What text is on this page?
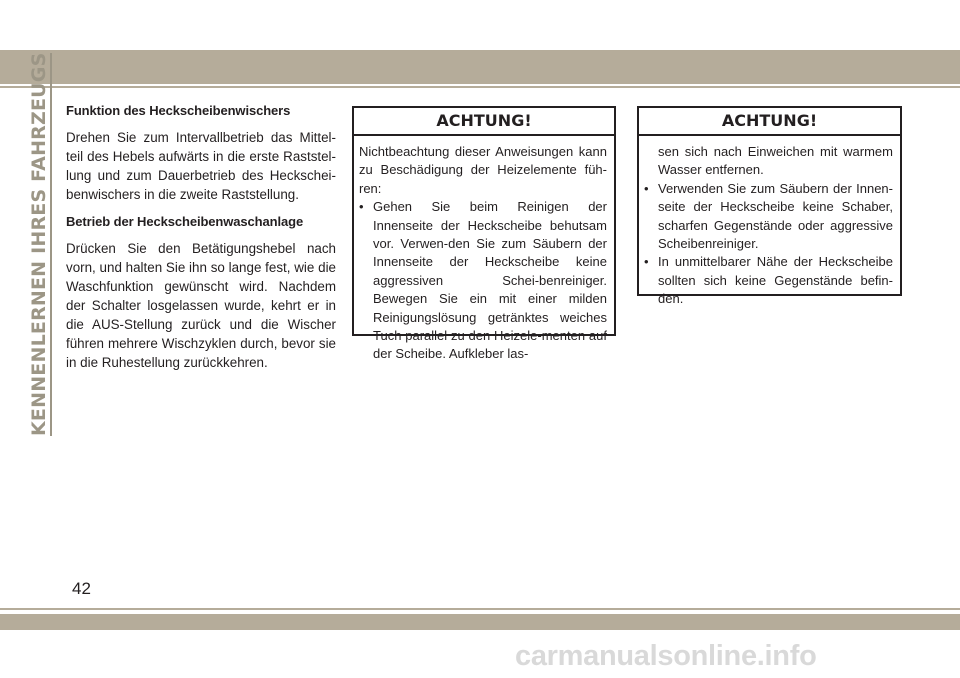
KENNENLERNEN IHRES FAHRZEUGS Funktion des Heckscheibenwischers

Drehen Sie zum Intervallbetrieb das Mittel-teil des Hebels aufwärts in die erste Raststel-lung und zum Dauerbetrieb des Heckschei-benwischers in die zweite Raststellung.

Betrieb der Heckscheibenwaschanlage

Drücken Sie den Betätigungshebel nach vorn, und halten Sie ihn so lange fest, wie die Waschfunktion gewünscht wird. Nachdem der Schalter losgelassen wurde, kehrt er in die AUS-Stellung zurück und die Wischer führen mehrere Wischzyklen durch, bevor sie in die Ruhestellung zurückkehren.

ACHTUNG!
Nichtbeachtung dieser Anweisungen kann zu Beschädigung der Heizelemente füh-ren:
• Gehen Sie beim Reinigen der Innenseite der Heckscheibe behutsam vor. Verwen-den Sie zum Säubern der Innenseite der Heckscheibe keine aggressiven Schei-benreiniger. Bewegen Sie ein mit einer milden Reinigungslösung getränktes weiches Tuch parallel zu den Heizele-menten auf der Scheibe. Aufkleber las-
ACHTUNG!
sen sich nach Einweichen mit warmem Wasser entfernen.
• Verwenden Sie zum Säubern der Innen-seite der Heckscheibe keine Schaber, scharfen Gegenstände oder aggressive Scheibenreiniger.
• In unmittelbarer Nähe der Heckscheibe sollten sich keine Gegenstände befin-den.
42
carmanualsonline.info
